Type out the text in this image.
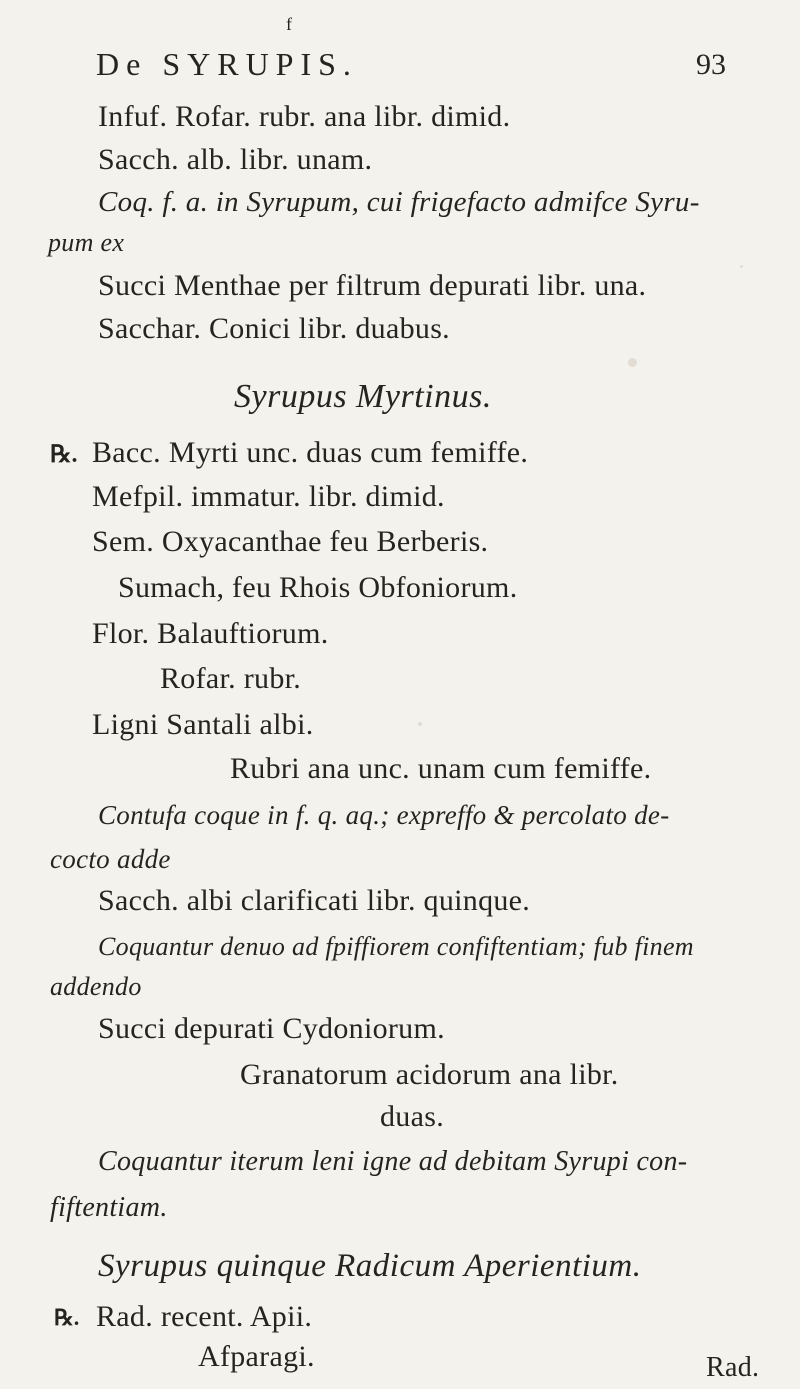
f
De SYRUPIS.	93
Infuf. Rofar. rubr. ana libr. dimid.
Sacch. alb. libr. unam.
Coq. f. a. in Syrupum, cui frigefacto admifce Syru-
pum ex
Succi Menthae per filtrum depurati libr. una.
Sacchar. Conici libr. duabus.
Syrupus Myrtinus.
℞. Bacc. Myrti unc. duas cum femiffe.
Mefpil. immatur. libr. dimid.
Sem. Oxyacanthae feu Berberis.
Sumach, feu Rhois Obfoniorum.
Flor. Balauftiorum.
Rofar. rubr.
Ligni Santali albi.
Rubri ana unc. unam cum femiffe.
Contufa coque in f. q. aq.; expreffo & percolato de-
cocto adde
Sacch. albi clarificati libr. quinque.
Coquantur denuo ad fpiffiorem confiftentiam; fub finem
addendo
Succi depurati Cydoniorum.
Granatorum acidorum ana libr.
duas.
Coquantur iterum leni igne ad debitam Syrupi con-
fiftentiam.
Syrupus quinque Radicum Aperientium.
℞. Rad. recent. Apii.
Afparagi.	Rad.
